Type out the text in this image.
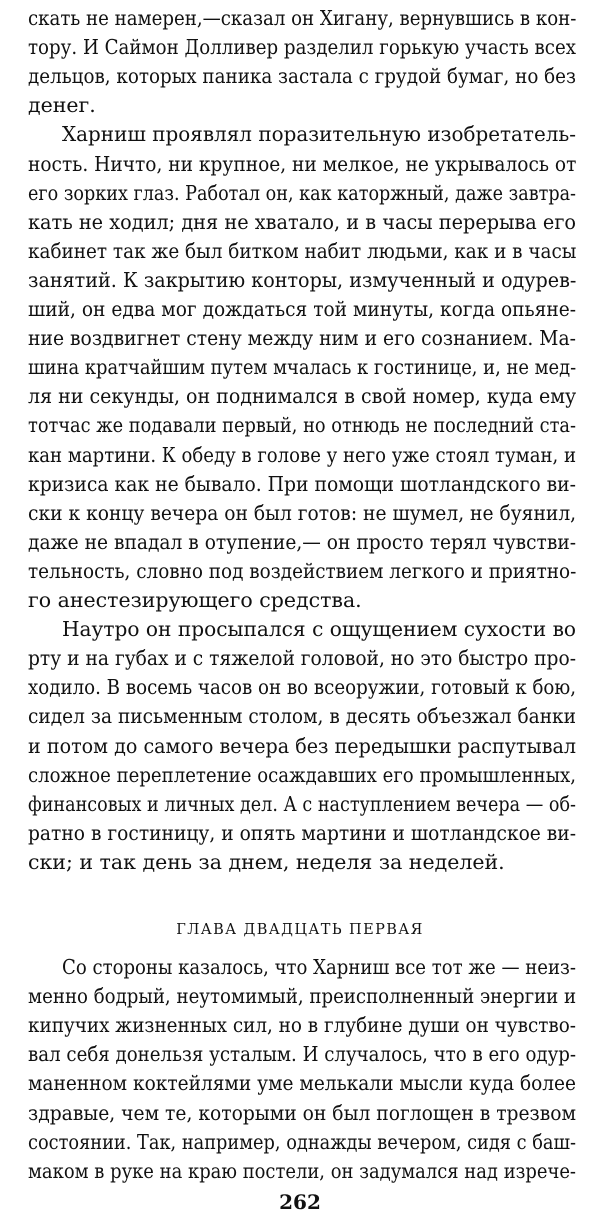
скать не намерен,—сказал он Хигану, вернувшись в кон-
тору. И Саймон Долливер разделил горькую участь всех
дельцов, которых паника застала с грудой бумаг, но без
денег.
Харниш проявлял поразительную изобретатель-
ность. Ничто, ни крупное, ни мелкое, не укрывалось от
его зорких глаз. Работал он, как каторжный, даже завтра-
кать не ходил; дня не хватало, и в часы перерыва его
кабинет так же был битком набит людьми, как и в часы
занятий. К закрытию конторы, измученный и одурев-
ший, он едва мог дождаться той минуты, когда опьяне-
ние воздвигнет стену между ним и его сознанием. Ма-
шина кратчайшим путем мчалась к гостинице, и, не мед-
ля ни секунды, он поднимался в свой номер, куда ему
тотчас же подавали первый, но отнюдь не последний ста-
кан мартини. К обеду в голове у него уже стоял туман, и
кризиса как не бывало. При помощи шотландского ви-
ски к концу вечера он был готов: не шумел, не буянил,
даже не впадал в отупение,— он просто терял чувстви-
тельность, словно под воздействием легкого и приятно-
го анестезирующего средства.
Наутро он просыпался с ощущением сухости во
рту и на губах и с тяжелой головой, но это быстро про-
ходило. В восемь часов он во всеоружии, готовый к бою,
сидел за письменным столом, в десять объезжал банки
и потом до самого вечера без передышки распутывал
сложное переплетение осаждавших его промышленных,
финансовых и личных дел. А с наступлением вечера — об-
ратно в гостиницу, и опять мартини и шотландское ви-
ски; и так день за днем, неделя за неделей.
ГЛАВА ДВАДЦАТЬ ПЕРВАЯ
Со стороны казалось, что Харниш все тот же — неиз-
менно бодрый, неутомимый, преисполненный энергии и
кипучих жизненных сил, но в глубине души он чувство-
вал себя донельзя усталым. И случалось, что в его одур-
маненном коктейлями уме мелькали мысли куда более
здравые, чем те, которыми он был поглощен в трезвом
состоянии. Так, например, однажды вечером, сидя с баш-
маком в руке на краю постели, он задумался над изрече-
262
